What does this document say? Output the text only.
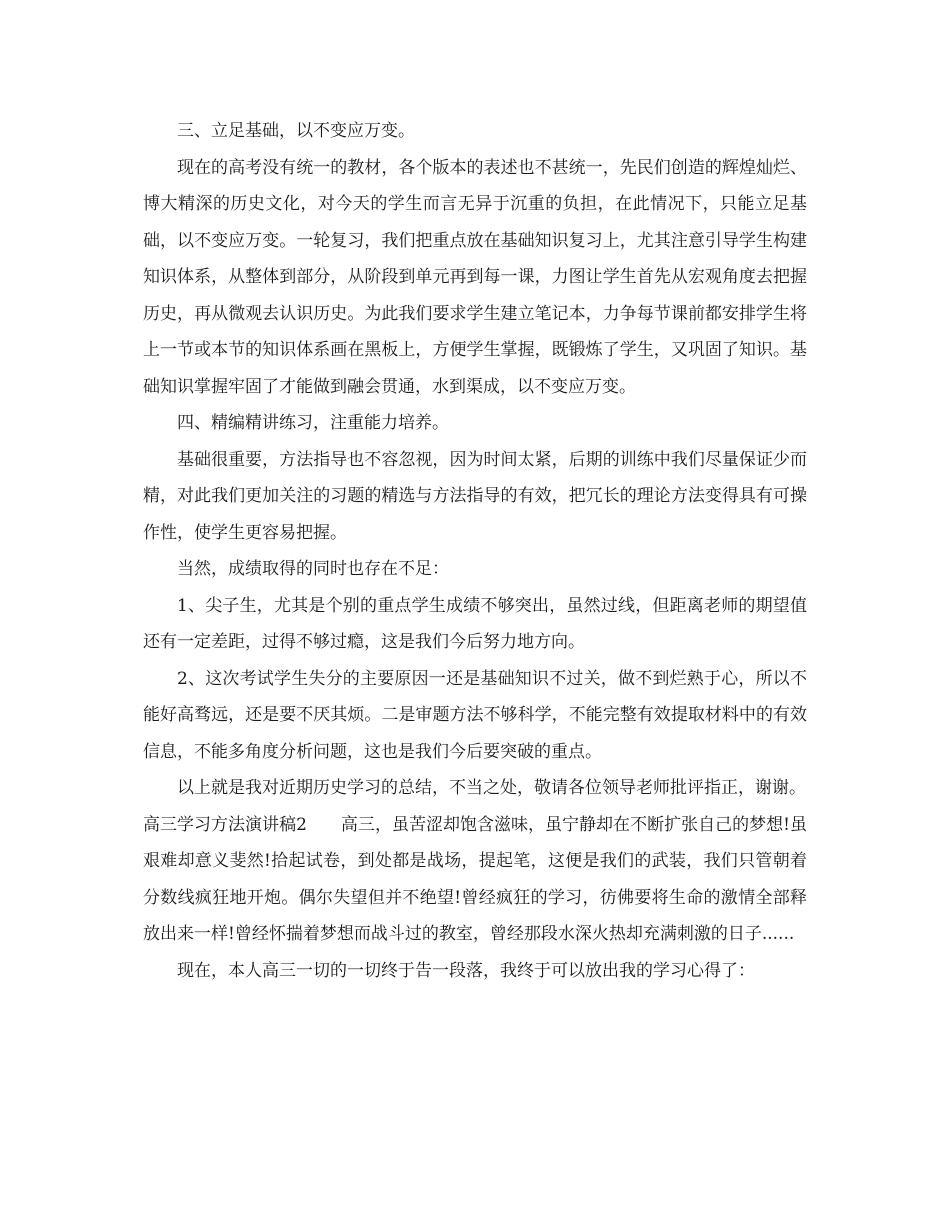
三、立足基础，以不变应万变。

现在的高考没有统一的教材，各个版本的表述也不甚统一，先民们创造的辉煌灿烂、博大精深的历史文化，对今天的学生而言无异于沉重的负担，在此情况下，只能立足基础，以不变应万变。一轮复习，我们把重点放在基础知识复习上，尤其注意引导学生构建知识体系，从整体到部分，从阶段到单元再到每一课，力图让学生首先从宏观角度去把握历史，再从微观去认识历史。为此我们要求学生建立笔记本，力争每节课前都安排学生将上一节或本节的知识体系画在黑板上，方便学生掌握，既锻炼了学生，又巩固了知识。基础知识掌握牢固了才能做到融会贯通，水到渠成，以不变应万变。

四、精编精讲练习，注重能力培养。

基础很重要，方法指导也不容忽视，因为时间太紧，后期的训练中我们尽量保证少而精，对此我们更加关注的习题的精选与方法指导的有效，把冗长的理论方法变得具有可操作性，使学生更容易把握。

当然，成绩取得的同时也存在不足：

1、尖子生，尤其是个别的重点学生成绩不够突出，虽然过线，但距离老师的期望值还有一定差距，过得不够过瘾，这是我们今后努力地方向。

2、这次考试学生失分的主要原因一还是基础知识不过关，做不到烂熟于心，所以不能好高骛远，还是要不厌其烦。二是审题方法不够科学，不能完整有效提取材料中的有效信息，不能多角度分析问题，这也是我们今后要突破的重点。

以上就是我对近期历史学习的总结，不当之处，敬请各位领导老师批评指正，谢谢。

高三学习方法演讲稿2　　高三，虽苦涩却饱含滋味，虽宁静却在不断扩张自己的梦想!虽艰难却意义斐然!拾起试卷，到处都是战场，提起笔，这便是我们的武装，我们只管朝着分数线疯狂地开炮。偶尔失望但并不绝望!曾经疯狂的学习，彷佛要将生命的激情全部释放出来一样!曾经怀揣着梦想而战斗过的教室，曾经那段水深火热却充满刺激的日子......

现在，本人高三一切的一切终于告一段落，我终于可以放出我的学习心得了：
